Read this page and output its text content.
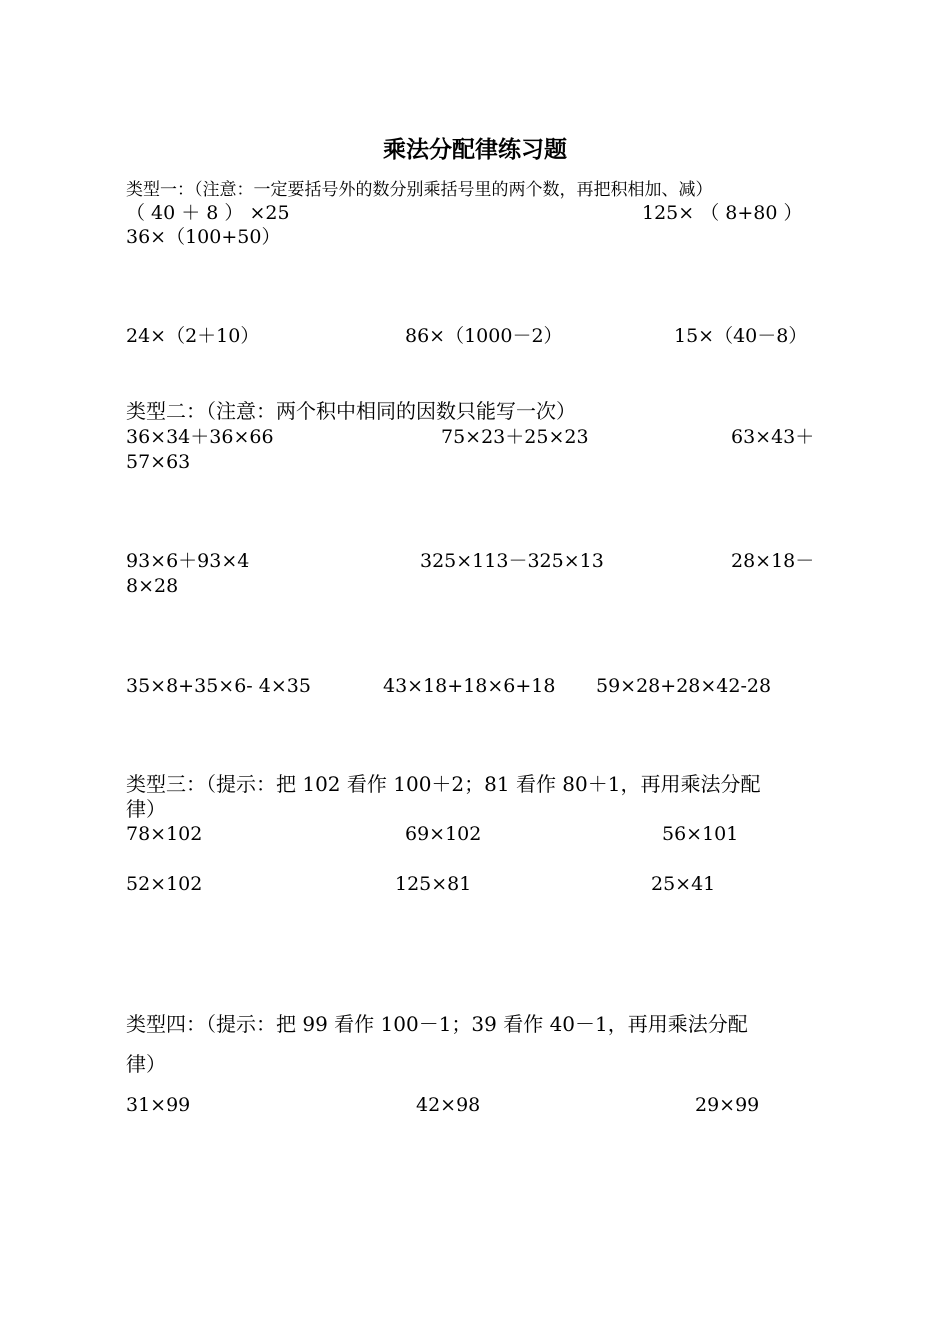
乘法分配律练习题
类型一：（注意：一定要括号外的数分别乘括号里的两个数，再把积相加、减）
（ 40 ＋ 8 ） ×25	125× （ 8+80 ）
36×（100+50）
24×（2＋10）	86×（1000－2）	15×（40－8）
类型二：（注意：两个积中相同的因数只能写一次）
36×34＋36×66	75×23＋25×23	63×43＋
57×63
93×6＋93×4	325×113－325×13	28×18－
8×28
35×8+35×6- 4×35	43×18+18×6+18 59×28+28×42-28
类型三：（提示：把 102 看作 100＋2；81 看作 80＋1，再用乘法分配
律）
78×102	69×102	56×101
52×102	125×81	25×41
类型四：（提示：把 99 看作 100－1；39 看作 40－1，再用乘法分配
律）
31×99	42×98	29×99
